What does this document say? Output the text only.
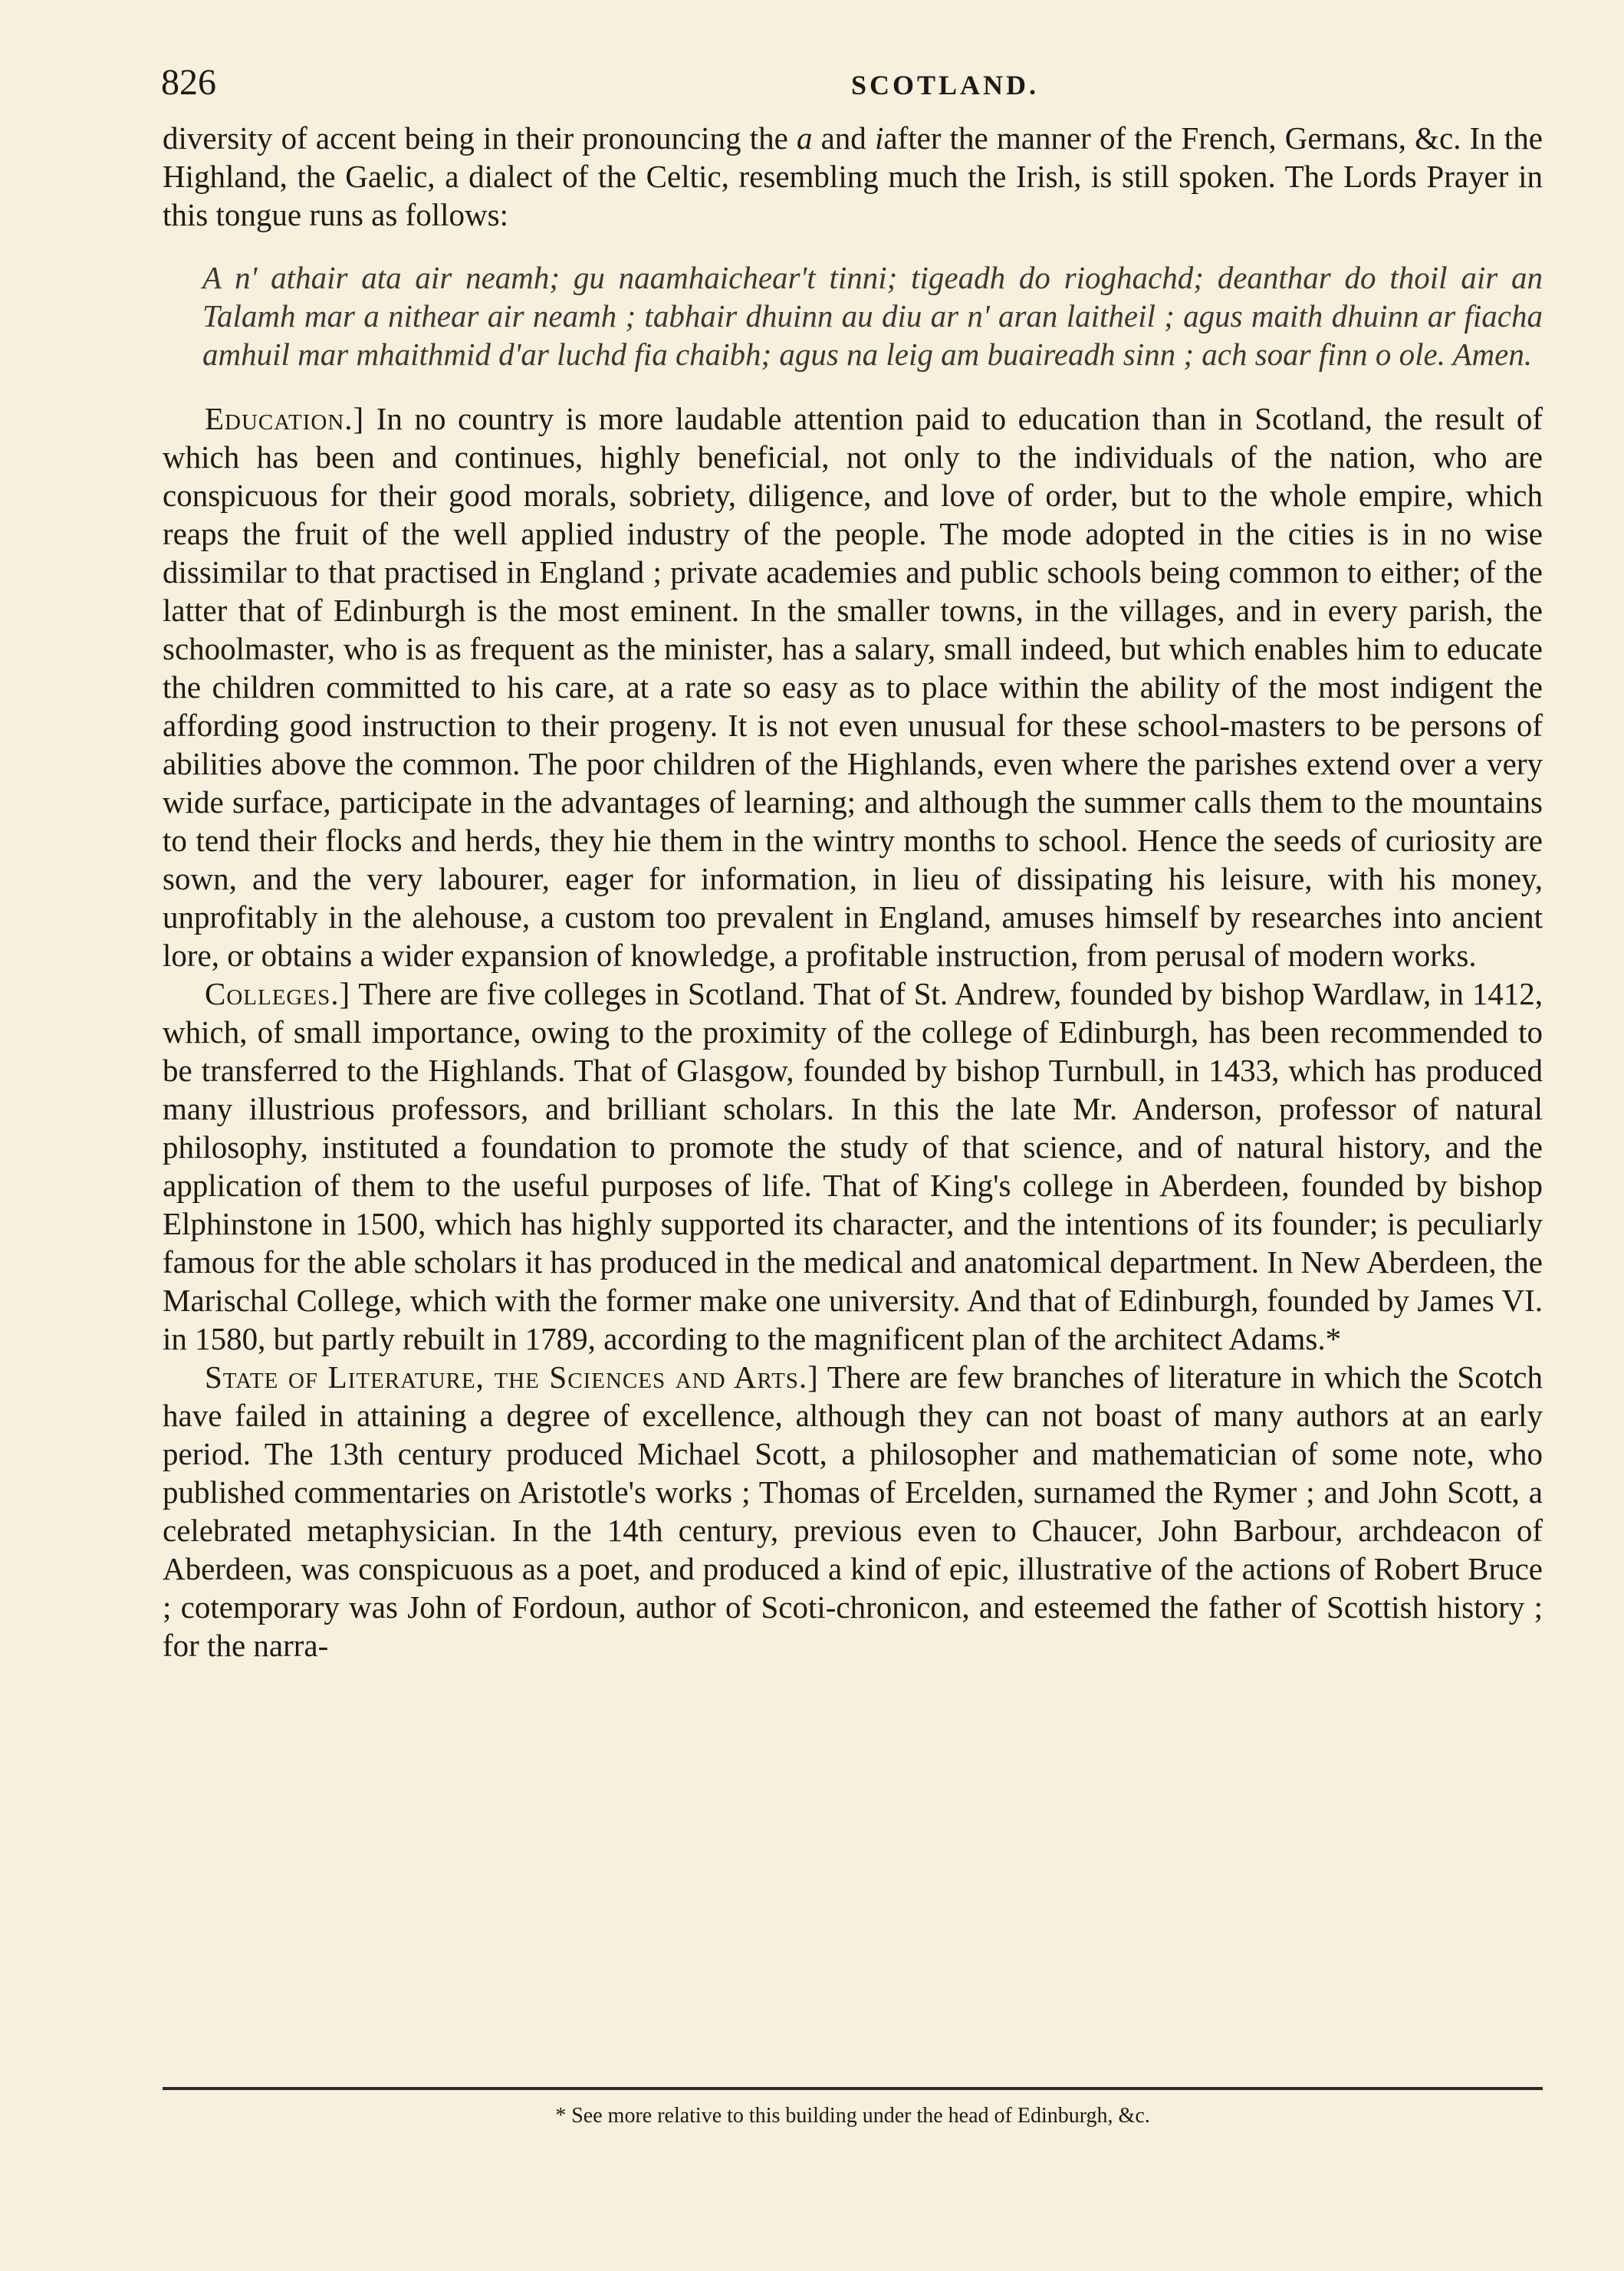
826	SCOTLAND.

diversity of accent being in their pronouncing the a and iafter the manner of the French, Germans, &c. In the Highland, the Gaelic, a dialect of the Celtic, resembling much the Irish, is still spoken. The Lords Prayer in this tongue runs as follows:

A n' athair ata air neamh; gu naamhaichear't tinni; tigeadh do rioghachd; deanthar do thoil air an Talamh mar a nithear air neamh ; tabhair dhuinn au diu ar n' aran laitheil ; agus maith dhuinn ar fiacha amhuil mar mhaithmid d'ar luchd fia chaibh; agus na leig am buaireadh sinn ; ach soar finn o ole. Amen.

Education.] In no country is more laudable attention paid to education than in Scotland, the result of which has been and continues, highly beneficial, not only to the individuals of the nation, who are conspicuous for their good morals, sobriety, diligence, and love of order, but to the whole empire, which reaps the fruit of the well applied industry of the people. The mode adopted in the cities is in no wise dissimilar to that practised in England ; private academies and public schools being common to either; of the latter that of Edinburgh is the most eminent. In the smaller towns, in the villages, and in every parish, the schoolmaster, who is as frequent as the minister, has a salary, small indeed, but which enables him to educate the children committed to his care, at a rate so easy as to place within the ability of the most indigent the affording good instruction to their progeny. It is not even unusual for these school-masters to be persons of abilities above the common. The poor children of the Highlands, even where the parishes extend over a very wide surface, participate in the advantages of learning; and although the summer calls them to the mountains to tend their flocks and herds, they hie them in the wintry months to school. Hence the seeds of curiosity are sown, and the very labourer, eager for information, in lieu of dissipating his leisure, with his money, unprofitably in the alehouse, a custom too prevalent in England, amuses himself by researches into ancient lore, or obtains a wider expansion of knowledge, a profitable instruction, from perusal of modern works.

Colleges.] There are five colleges in Scotland. That of St. Andrew, founded by bishop Wardlaw, in 1412, which, of small importance, owing to the proximity of the college of Edinburgh, has been recommended to be transferred to the Highlands. That of Glasgow, founded by bishop Turnbull, in 1433, which has produced many illustrious professors, and brilliant scholars. In this the late Mr. Anderson, professor of natural philosophy, instituted a foundation to promote the study of that science, and of natural history, and the application of them to the useful purposes of life. That of King's college in Aberdeen, founded by bishop Elphinstone in 1500, which has highly supported its character, and the intentions of its founder; is peculiarly famous for the able scholars it has produced in the medical and anatomical department. In New Aberdeen, the Marischal College, which with the former make one university. And that of Edinburgh, founded by James VI. in 1580, but partly rebuilt in 1789, according to the magnificent plan of the architect Adams.*

State of Literature, the Sciences and Arts.] There are few branches of literature in which the Scotch have failed in attaining a degree of excellence, although they can not boast of many authors at an early period. The 13th century produced Michael Scott, a philosopher and mathematician of some note, who published commentaries on Aristotle's works ; Thomas of Ercelden, surnamed the Rymer ; and John Scott, a celebrated metaphysician. In the 14th century, previous even to Chaucer, John Barbour, archdeacon of Aberdeen, was conspicuous as a poet, and produced a kind of epic, illustrative of the actions of Robert Bruce ; cotemporary was John of Fordoun, author of Scoti-chronicon, and esteemed the father of Scottish history ; for the narra-

* See more relative to this building under the head of Edinburgh, &c.
